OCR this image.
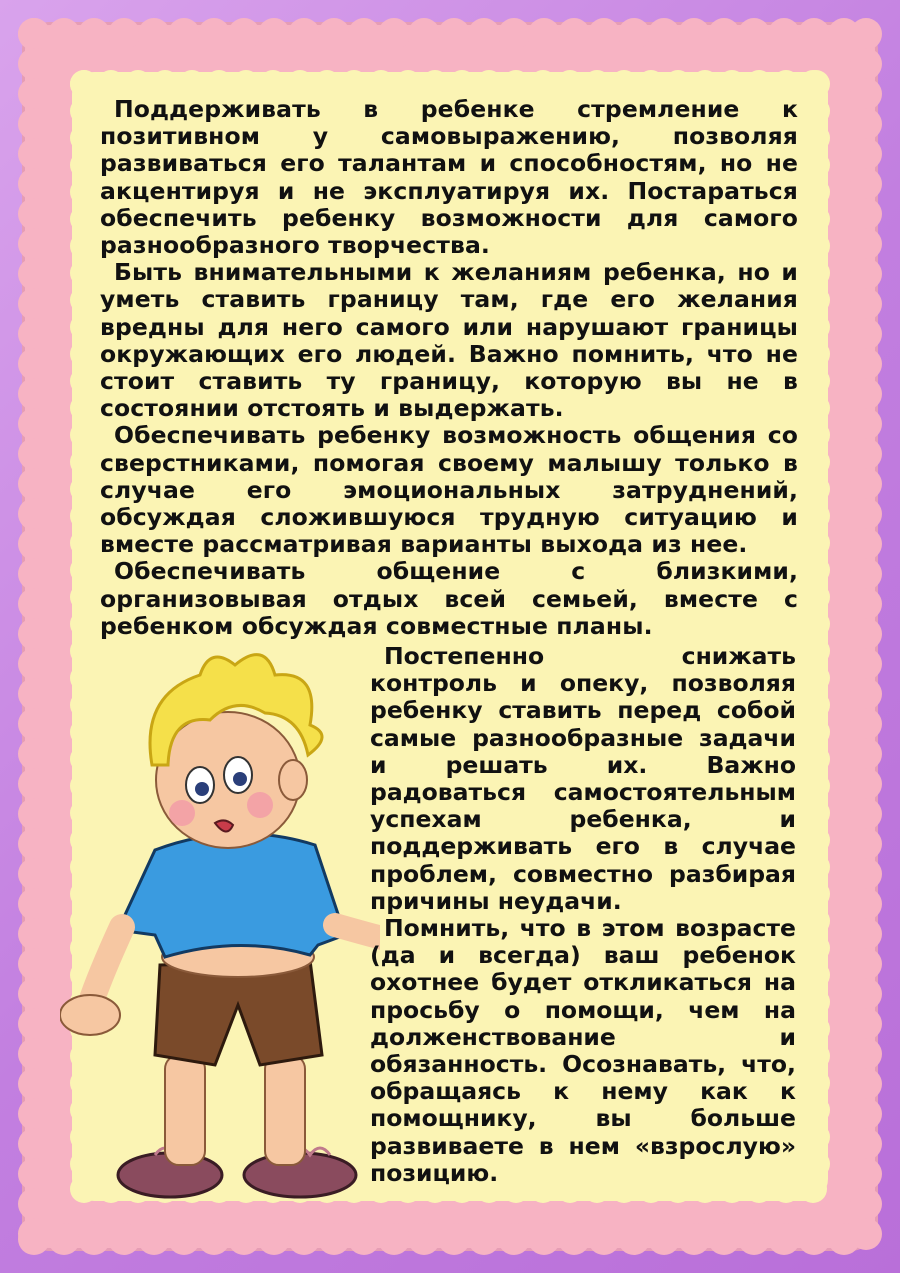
Поддерживать в ребенке стремление к позитивном у самовыражению, позволяя развиваться его талантам и способностям, но не акцентируя и не эксплуатируя их. Постараться обеспечить ребенку возможности для самого разнообразного творчества.

Быть внимательными к желаниям ребенка, но и уметь ставить границу там, где его желания вредны для него самого или нарушают границы окружающих его людей. Важно помнить, что не стоит ставить ту границу, которую вы не в состоянии отстоять и выдержать.

Обеспечивать ребенку возможность общения со сверстниками, помогая своему малышу только в случае его эмоциональных затруднений, обсуждая сложившуюся трудную ситуацию и вместе рассматривая варианты выхода из нее.

Обеспечивать общение с близкими, организовывая отдых всей семьей, вместе с ребенком обсуждая совместные планы.

Постепенно снижать контроль и опеку, позволяя ребенку ставить перед собой самые разнообразные задачи и решать их. Важно радоваться самостоятельным успехам ребенка, и поддерживать его в случае проблем, совместно разбирая причины неудачи.

Помнить, что в этом возрасте (да и всегда) ваш ребенок охотнее будет откликаться на просьбу о помощи, чем на долженствование и обязанность. Осознавать, что, обращаясь к нему как к помощнику, вы больше развиваете в нем «взрослую» позицию.
